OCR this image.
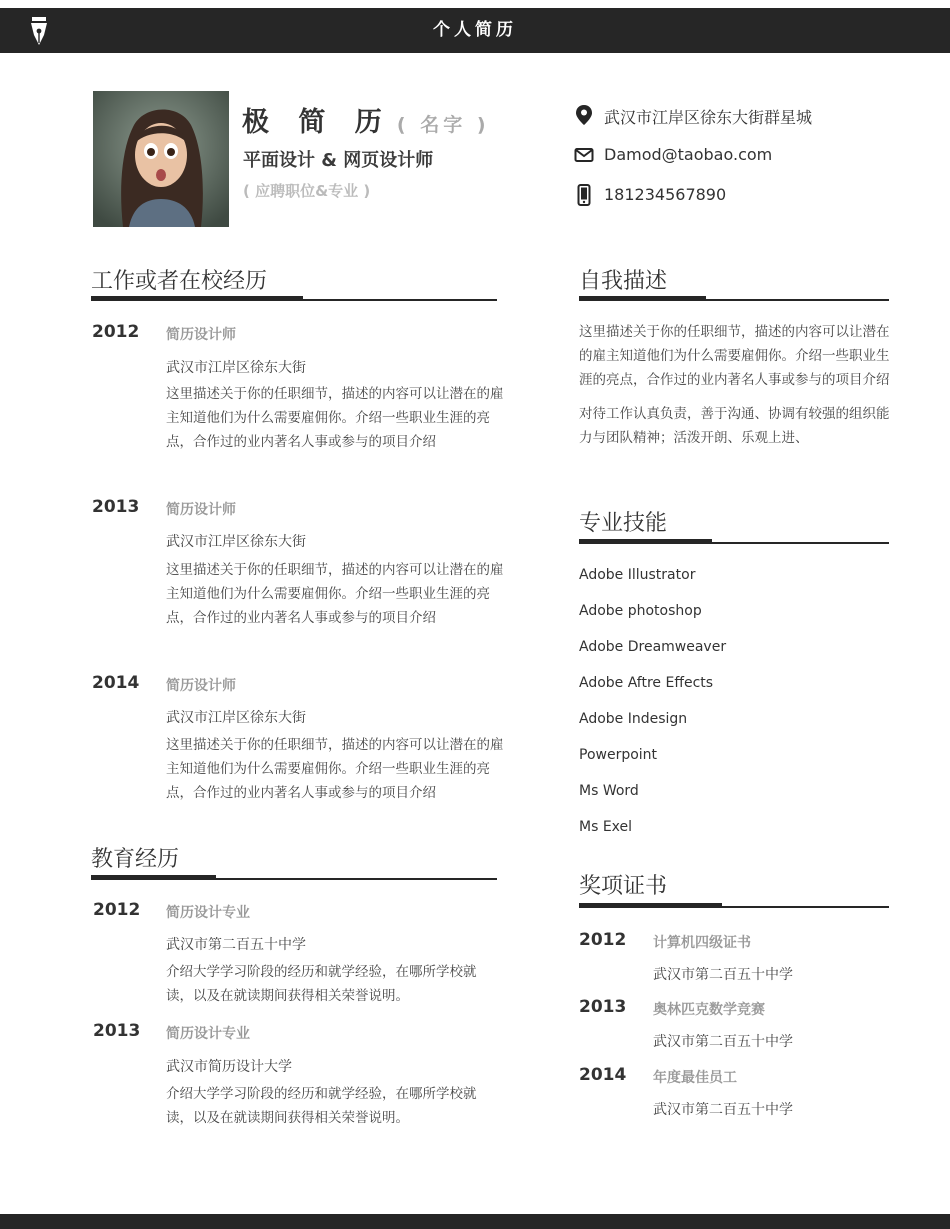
个人简历
极 简 历 ( 名字 )
平面设计 & 网页设计师
( 应聘职位&专业 )
武汉市江岸区徐东大街群星城
Damod@taobao.com
181234567890
工作或者在校经历
2012 简历设计师
武汉市江岸区徐东大街
这里描述关于你的任职细节，描述的内容可以让潜在的雇主知道他们为什么需要雇佣你。介绍一些职业生涯的亮点，合作过的业内著名人事或参与的项目介绍
2013 简历设计师
武汉市江岸区徐东大街
这里描述关于你的任职细节，描述的内容可以让潜在的雇主知道他们为什么需要雇佣你。介绍一些职业生涯的亮点，合作过的业内著名人事或参与的项目介绍
2014 简历设计师
武汉市江岸区徐东大街
这里描述关于你的任职细节，描述的内容可以让潜在的雇主知道他们为什么需要雇佣你。介绍一些职业生涯的亮点，合作过的业内著名人事或参与的项目介绍
教育经历
2012 简历设计专业
武汉市第二百五十中学
介绍大学学习阶段的经历和就学经验，在哪所学校就读，以及在就读期间获得相关荣誉说明。
2013 简历设计专业
武汉市简历设计大学
介绍大学学习阶段的经历和就学经验，在哪所学校就读，以及在就读期间获得相关荣誉说明。
自我描述

这里描述关于你的任职细节，描述的内容可以让潜在的雇主知道他们为什么需要雇佣你。介绍一些职业生涯的亮点，合作过的业内著名人事或参与的项目介绍

对待工作认真负责，善于沟通、协调有较强的组织能力与团队精神；活泼开朗、乐观上进、

专业技能
Adobe Illustrator
Adobe photoshop
Adobe Dreamweaver
Adobe Aftre Effects
Adobe Indesign
Powerpoint
Ms Word
Ms Exel
奖项证书
2012 计算机四级证书
武汉市第二百五十中学
2013 奥林匹克数学竞赛
武汉市第二百五十中学
2014 年度最佳员工
武汉市第二百五十中学
